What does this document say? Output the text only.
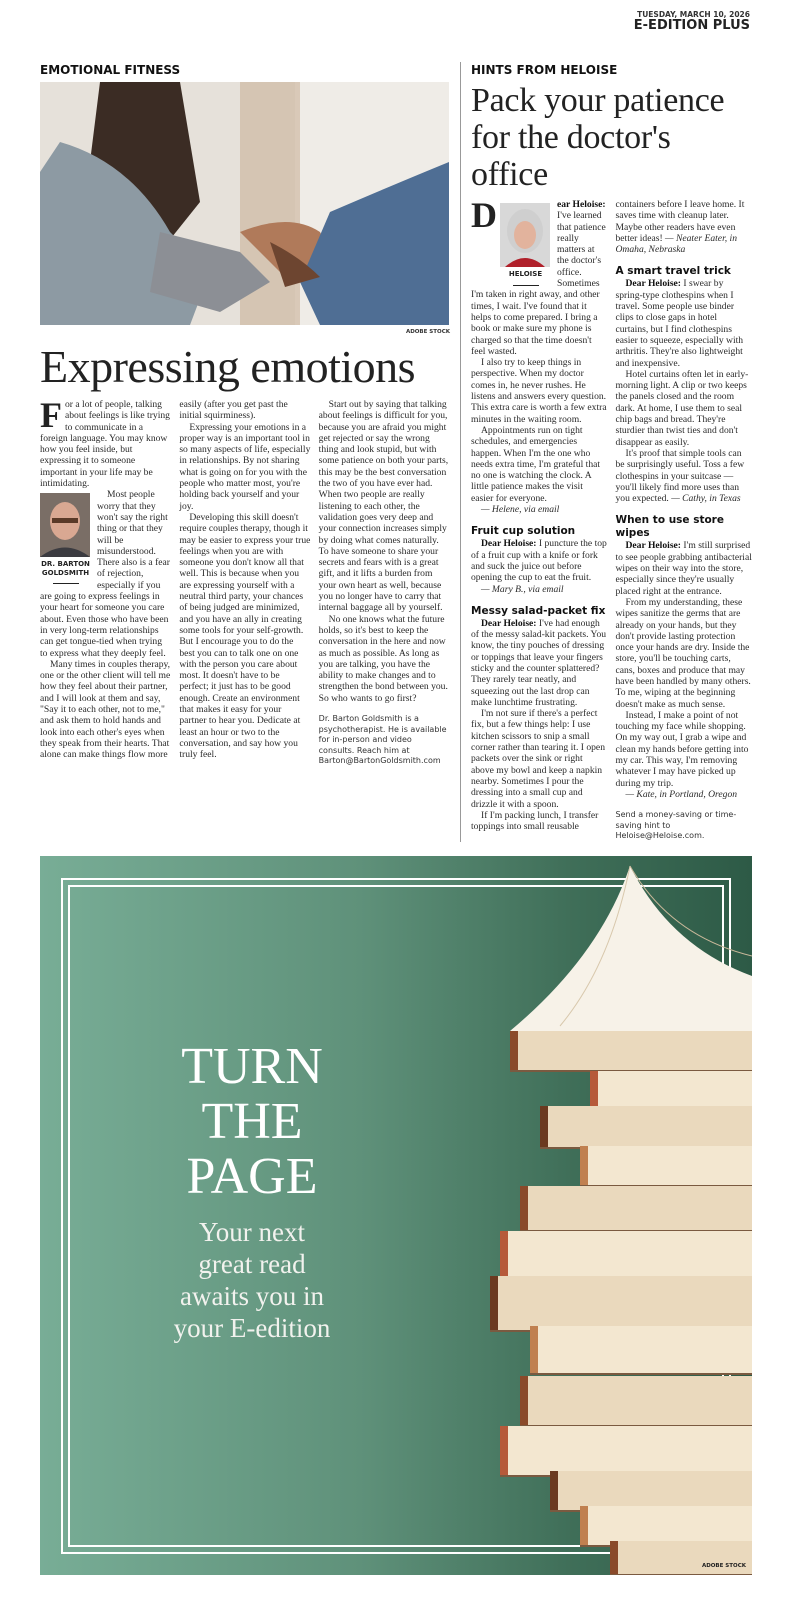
TUESDAY, MARCH 10, 2026
E-EDITION PLUS
EMOTIONAL FITNESS
ADOBE STOCK
Expressing emotions

F or a lot of people, talking about feelings is like trying to communicate in a foreign language. You may know how you feel inside, but expressing it to someone important in your life may be intimidating.

DR. BARTON GOLDSMITH

Most people worry that they won't say the right thing or that they will be misunderstood. There also is a fear of rejection, especially if you are going to express feelings in your heart for someone you care about. Even those who have been in very long-term relationships can get tongue-tied when trying to express what they deeply feel.

Many times in couples therapy, one or the other client will tell me how they feel about their partner, and I will look at them and say, "Say it to each other, not to me," and ask them to hold hands and look into each other's eyes when they speak from their hearts. That alone can make things flow more easily (after you get past the initial squirminess).

Expressing your emotions in a proper way is an important tool in so many aspects of life, especially in relationships. By not sharing what is going on for you with the people who matter most, you're holding back yourself and your joy.

Developing this skill doesn't require couples therapy, though it may be easier to express your true feelings when you are with someone you don't know all that well. This is because when you are expressing yourself with a neutral third party, your chances of being judged are minimized, and you have an ally in creating some tools for your self-growth. But I encourage you to do the best you can to talk one on one with the person you care about most. It doesn't have to be perfect; it just has to be good enough. Create an environment that makes it easy for your partner to hear you. Dedicate at least an hour or two to the conversation, and say how you truly feel.

Start out by saying that talking about feelings is difficult for you, because you are afraid you might get rejected or say the wrong thing and look stupid, but with some patience on both your parts, this may be the best conversation the two of you have ever had. When two people are really listening to each other, the validation goes very deep and your connection increases simply by doing what comes naturally. To have someone to share your secrets and fears with is a great gift, and it lifts a burden from your own heart as well, because you no longer have to carry that internal baggage all by yourself.

No one knows what the future holds, so it's best to keep the conversation in the here and now as much as possible. As long as you are talking, you have the ability to make changes and to strengthen the bond between you. So who wants to go first?

Dr. Barton Goldsmith is a psychotherapist. He is available for in-person and video consults. Reach him at Barton@BartonGoldsmith.com
HINTS FROM HELOISE
Pack your patience for the doctor's office

D	ear Heloise:
HELOISE
I've learned that patience really matters at the doctor's office. Sometimes I'm taken in right away, and other times, I wait. I've found that it helps to come prepared. I bring a book or make sure my phone is charged so that the time doesn't feel wasted.

I also try to keep things in perspective. When my doctor comes in, he never rushes. He listens and answers every question. This extra care is worth a few extra minutes in the waiting room.

Appointments run on tight schedules, and emergencies happen. When I'm the one who needs extra time, I'm grateful that no one is watching the clock. A little patience makes the visit easier for everyone.
— Helene, via email

Fruit cup solution

Dear Heloise: I puncture the top of a fruit cup with a knife or fork and suck the juice out before opening the cup to eat the fruit.
— Mary B., via email

Messy salad-packet fix

Dear Heloise: I've had enough of the messy salad-kit packets. You know, the tiny pouches of dressing or toppings that leave your fingers sticky and the counter splattered? They rarely tear neatly, and squeezing out the last drop can make lunchtime frustrating.

I'm not sure if there's a perfect fix, but a few things help: I use kitchen scissors to snip a small corner rather than tearing it. I open packets over the sink or right above my bowl and keep a napkin nearby. Sometimes I pour the dressing into a small cup and drizzle it with a spoon.

If I'm packing lunch, I transfer toppings into small reusable containers before I leave home. It saves time with cleanup later. Maybe other readers have even better ideas! — Neater Eater, in Omaha, Nebraska

A smart travel trick

Dear Heloise: I swear by spring-type clothespins when I travel. Some people use binder clips to close gaps in hotel curtains, but I find clothespins easier to squeeze, especially with arthritis. They're also lightweight and inexpensive.

Hotel curtains often let in early-morning light. A clip or two keeps the panels closed and the room dark. At home, I use them to seal chip bags and bread. They're sturdier than twist ties and don't disappear as easily.

It's proof that simple tools can be surprisingly useful. Toss a few clothespins in your suitcase — you'll likely find more uses than you expected. — Cathy, in Texas

When to use store wipes

Dear Heloise: I'm still surprised to see people grabbing antibacterial wipes on their way into the store, especially since they're usually placed right at the entrance.

From my understanding, these wipes sanitize the germs that are already on your hands, but they don't provide lasting protection once your hands are dry. Inside the store, you'll be touching carts, cans, boxes and produce that may have been handled by many others. To me, wiping at the beginning doesn't make as much sense.

Instead, I make a point of not touching my face while shopping. On my way out, I grab a wipe and clean my hands before getting into my car. This way, I'm removing whatever I may have picked up during my trip.
— Kate, in Portland, Oregon

Send a money-saving or time-saving hint to Heloise@Heloise.com.
TURN
THE
PAGE
Your next
great read
awaits you in
your E-edition
ADOBE STOCK
